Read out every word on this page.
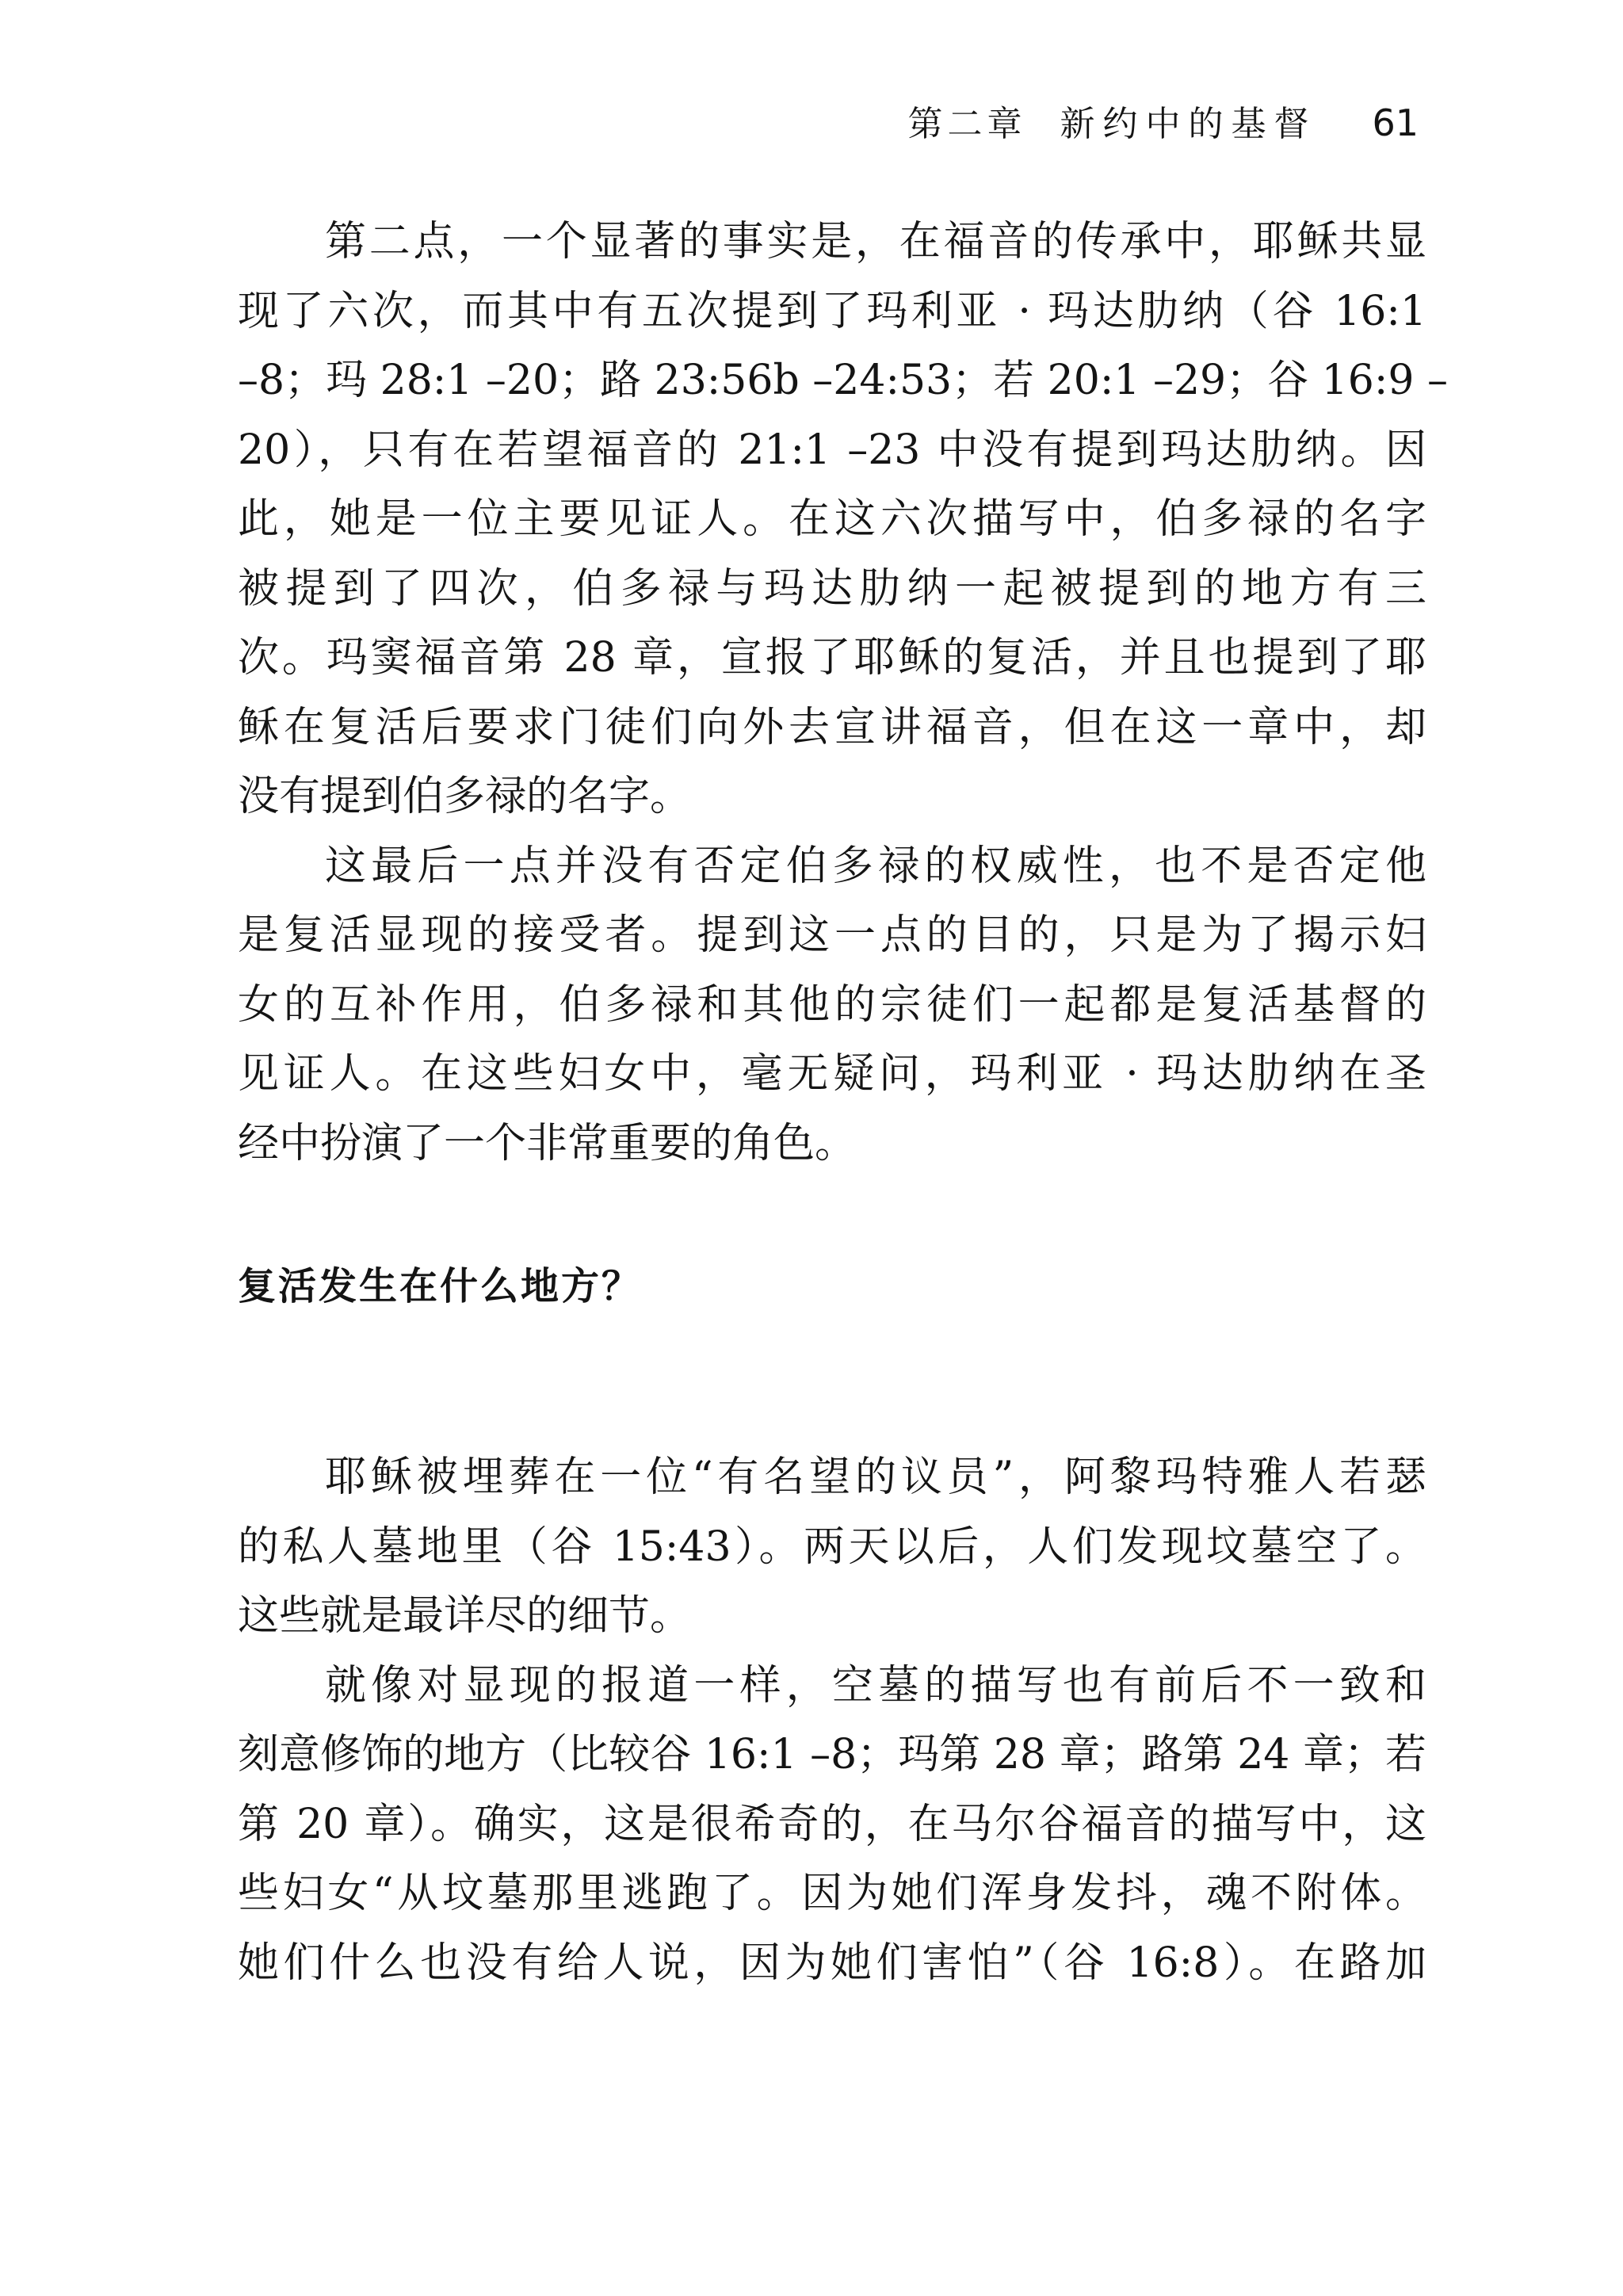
第二章 新约中的基督 61
第二点，一个显著的事实是，在福音的传承中，耶稣共显
现了六次，而其中有五次提到了玛利亚 · 玛达肋纳（谷 16:1
–8；玛 28:1 –20；路 23:56b –24:53；若 20:1 –29；谷 16:9 –
20），只有在若望福音的 21:1 –23 中没有提到玛达肋纳。因
此，她是一位主要见证人。在这六次描写中，伯多禄的名字
被提到了四次，伯多禄与玛达肋纳一起被提到的地方有三
次。玛窦福音第 28 章，宣报了耶稣的复活，并且也提到了耶
稣在复活后要求门徒们向外去宣讲福音，但在这一章中，却
没有提到伯多禄的名字。
这最后一点并没有否定伯多禄的权威性，也不是否定他
是复活显现的接受者。提到这一点的目的，只是为了揭示妇
女的互补作用，伯多禄和其他的宗徒们一起都是复活基督的
见证人。在这些妇女中，毫无疑问，玛利亚 · 玛达肋纳在圣
经中扮演了一个非常重要的角色。
复活发生在什么地方？
耶稣被埋葬在一位“有名望的议员”，阿黎玛特雅人若瑟
的私人墓地里（谷 15:43）。两天以后，人们发现坟墓空了。
这些就是最详尽的细节。
就像对显现的报道一样，空墓的描写也有前后不一致和
刻意修饰的地方（比较谷 16:1 –8；玛第 28 章；路第 24 章；若
第 20 章）。确实，这是很希奇的，在马尔谷福音的描写中，这
些妇女“从坟墓那里逃跑了。因为她们浑身发抖，魂不附体。
她们什么也没有给人说，因为她们害怕”（谷 16:8）。在路加
